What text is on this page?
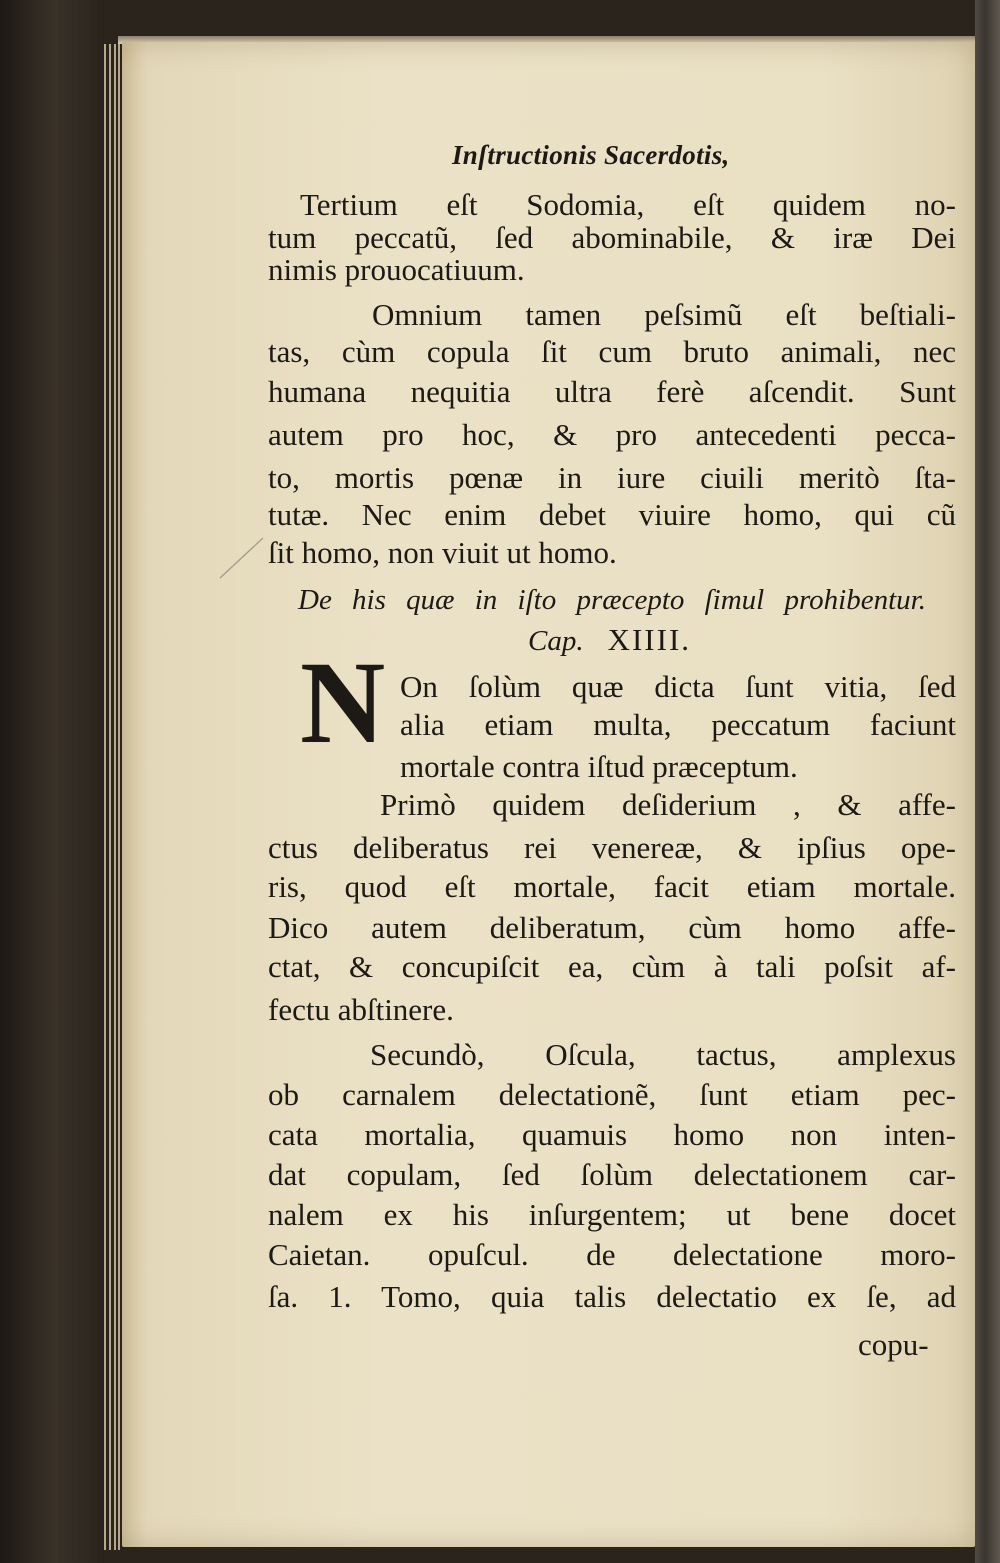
Inſtructionis Sacerdotis,
Tertium eſt Sodomia, eſt quidem no-
tum peccatũ, ſed abominabile, & iræ Dei
nimis prouocatiuum.
Omnium tamen peſsimũ eſt beſtiali-
tas, cùm copula ſit cum bruto animali, nec
humana nequitia ultra ferè aſcendit. Sunt
autem pro hoc, & pro antecedenti pecca-
to, mortis pœnæ in iure ciuili meritò ſta-
tutæ. Nec enim debet viuire homo, qui cũ
ſit homo, non viuit ut homo.
De his quæ in iſto præcepto ſimul prohibentur.
Cap. XIIII.
N On ſolùm quæ dicta ſunt vitia, ſed
alia etiam multa, peccatum faciunt
mortale contra iſtud præceptum.
Primò quidem deſiderium , & affe-
ctus deliberatus rei venereæ, & ipſius ope-
ris, quod eſt mortale, facit etiam mortale.
Dico autem deliberatum, cùm homo affe-
ctat, & concupiſcit ea, cùm à tali poſsit af-
fectu abſtinere.
Secundò, Oſcula, tactus, amplexus
ob carnalem delectationẽ, ſunt etiam pec-
cata mortalia, quamuis homo non inten-
dat copulam, ſed ſolùm delectationem car-
nalem ex his inſurgentem; ut bene docet
Caietan. opuſcul. de delectatione moro-
ſa. 1. Tomo, quia talis delectatio ex ſe, ad
copu-
